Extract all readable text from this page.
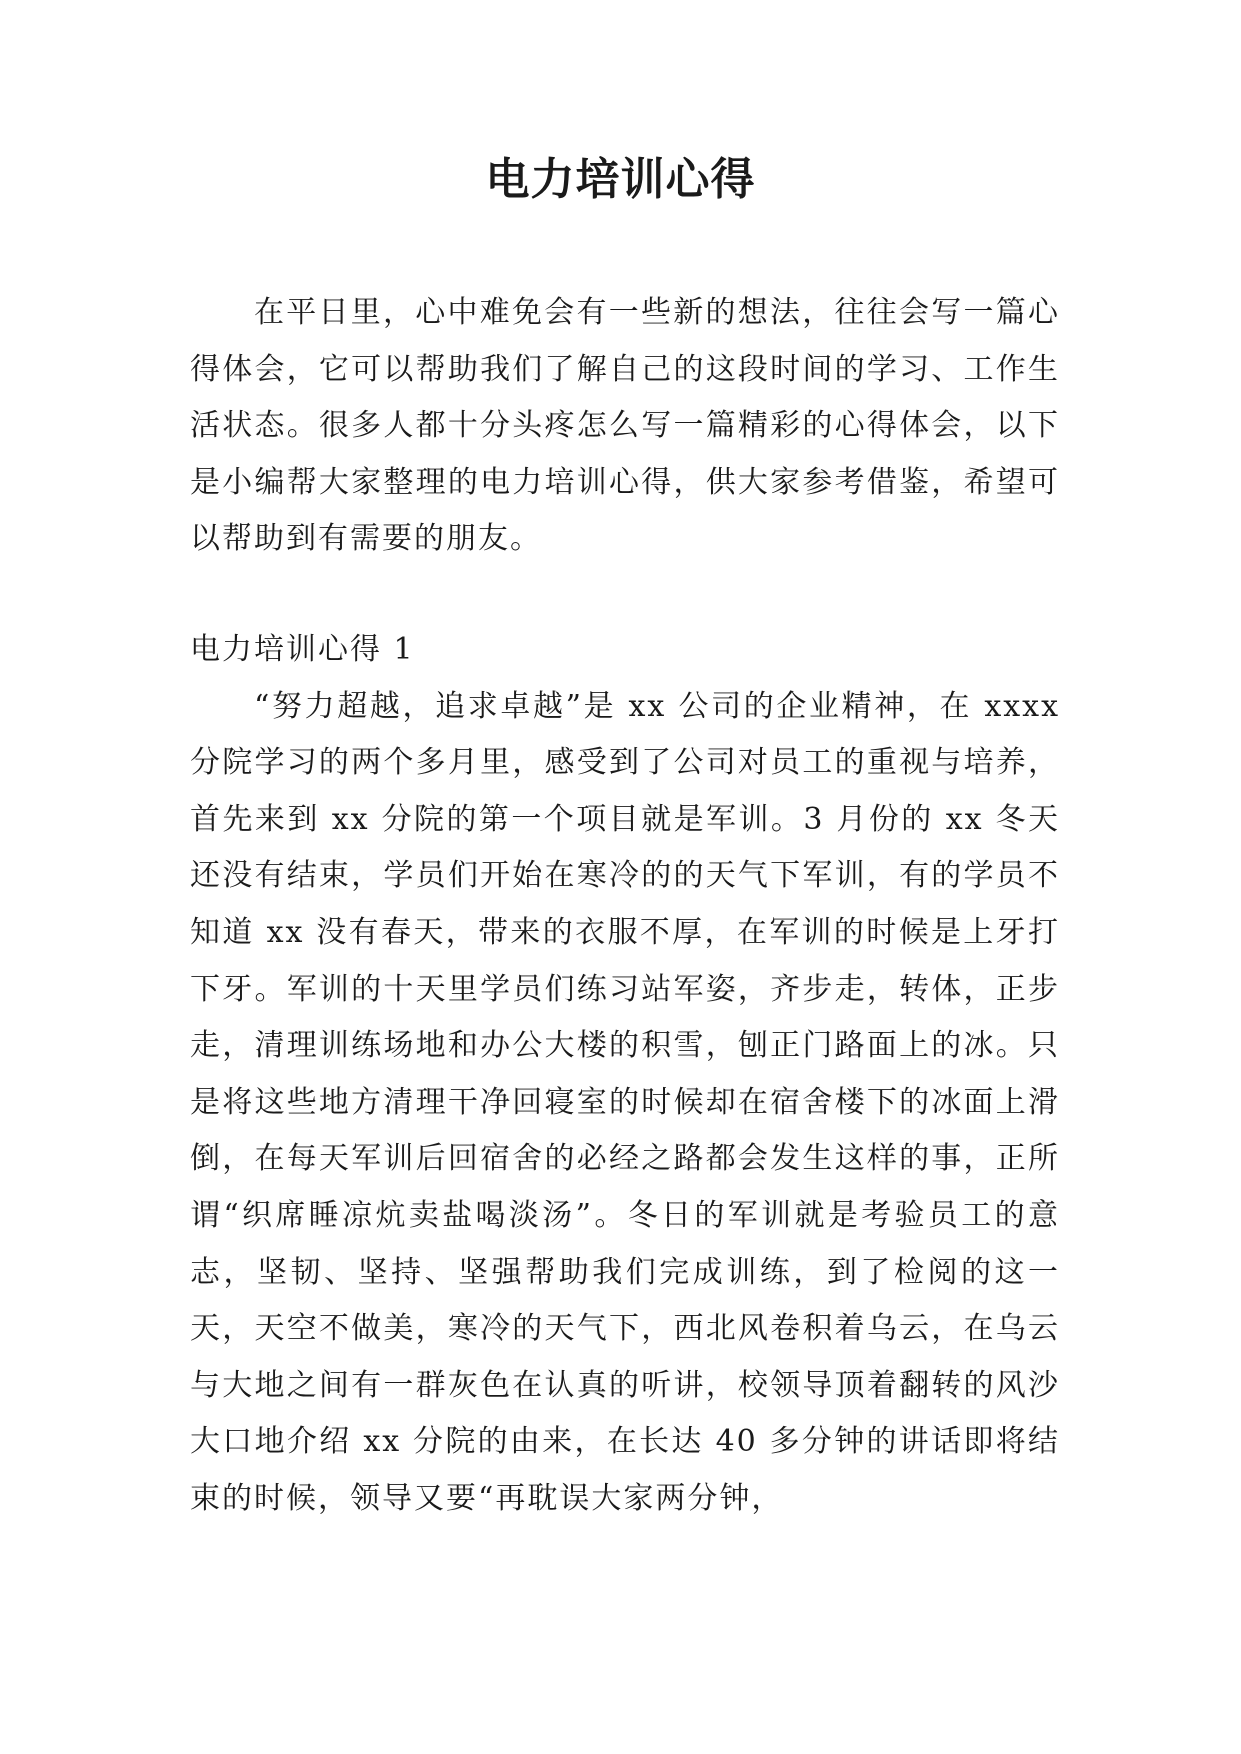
电力培训心得

在平日里，心中难免会有一些新的想法，往往会写一篇心得体会，它可以帮助我们了解自己的这段时间的学习、工作生活状态。很多人都十分头疼怎么写一篇精彩的心得体会，以下是小编帮大家整理的电力培训心得，供大家参考借鉴，希望可以帮助到有需要的朋友。

电力培训心得 1

“努力超越，追求卓越”是 xx 公司的企业精神，在 xxxx 分院学习的两个多月里，感受到了公司对员工的重视与培养，首先来到 xx 分院的第一个项目就是军训。3 月份的 xx 冬天还没有结束，学员们开始在寒冷的的天气下军训，有的学员不知道 xx 没有春天，带来的衣服不厚，在军训的时候是上牙打下牙。军训的十天里学员们练习站军姿，齐步走，转体，正步走，清理训练场地和办公大楼的积雪，刨正门路面上的冰。只是将这些地方清理干净回寝室的时候却在宿舍楼下的冰面上滑倒，在每天军训后回宿舍的必经之路都会发生这样的事，正所谓“织席睡凉炕卖盐喝淡汤”。冬日的军训就是考验员工的意志，坚韧、坚持、坚强帮助我们完成训练，到了检阅的这一天，天空不做美，寒冷的天气下，西北风卷积着乌云，在乌云与大地之间有一群灰色在认真的听讲，校领导顶着翻转的风沙大口地介绍 xx 分院的由来，在长达 40 多分钟的讲话即将结束的时候，领导又要“再耽误大家两分钟，
